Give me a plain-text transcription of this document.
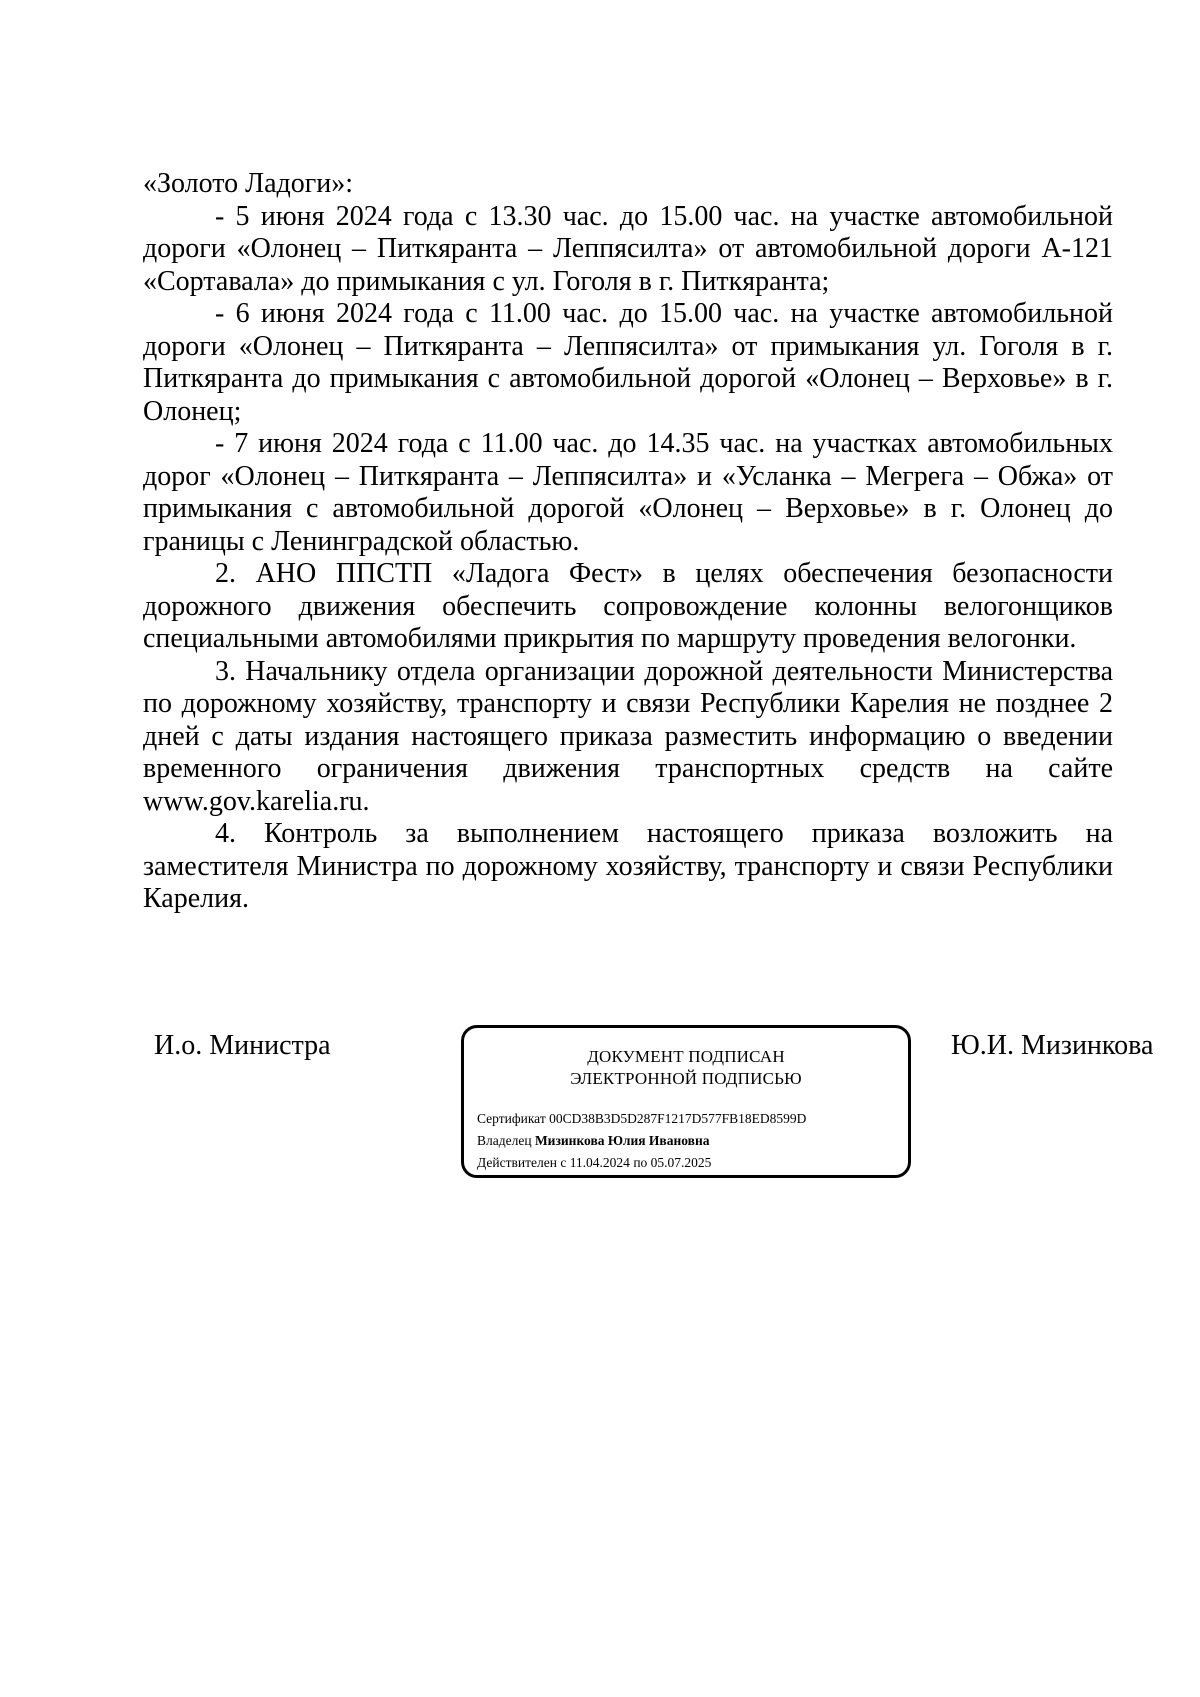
«Золото Ладоги»:

- 5 июня 2024 года с 13.30 час. до 15.00 час. на участке автомобильной дороги «Олонец – Питкяранта – Леппясилта» от автомобильной дороги А-121 «Сортавала» до примыкания с ул. Гоголя в г. Питкяранта;

- 6 июня 2024 года с 11.00 час. до 15.00 час. на участке автомобильной дороги «Олонец – Питкяранта – Леппясилта» от примыкания ул. Гоголя в г. Питкяранта до примыкания с автомобильной дорогой «Олонец – Верховье» в г. Олонец;

- 7 июня 2024 года с 11.00 час. до 14.35 час. на участках автомобильных дорог «Олонец – Питкяранта – Леппясилта» и «Усланка – Мегрега – Обжа» от примыкания с автомобильной дорогой «Олонец – Верховье» в г. Олонец до границы с Ленинградской областью.

2. АНО ППСТП «Ладога Фест» в целях обеспечения безопасности дорожного движения обеспечить сопровождение колонны велогонщиков специальными автомобилями прикрытия по маршруту проведения велогонки.

3. Начальнику отдела организации дорожной деятельности Министерства по дорожному хозяйству, транспорту и связи Республики Карелия не позднее 2 дней с даты издания настоящего приказа разместить информацию о введении временного ограничения движения транспортных средств на сайте www.gov.karelia.ru.

4. Контроль за выполнением настоящего приказа возложить на заместителя Министра по дорожному хозяйству, транспорту и связи Республики Карелия.

И.о. Министра	ДОКУМЕНТ ПОДПИСАН
ЭЛЕКТРОННОЙ ПОДПИСЬЮ
Сертификат 00CD38B3D5D287F1217D577FB18ED8599D
Владелец Мизинкова Юлия Ивановна
Действителен с 11.04.2024 по 05.07.2025
Ю.И. Мизинкова
